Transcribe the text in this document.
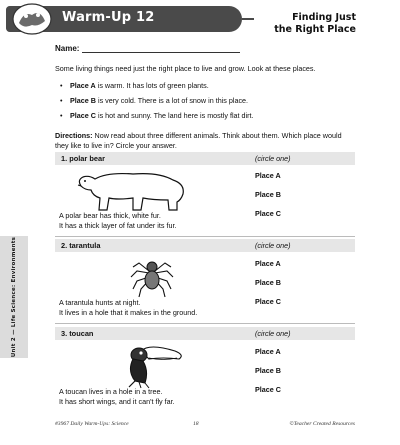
Warm-Up 12	Finding Just
the Right Place
Name:
Some living things need just the right place to live and grow. Look at these places.
• Place A is warm. It has lots of green plants.
• Place B is very cold. There is a lot of snow in this place.
• Place C is hot and sunny. The land here is mostly flat dirt.
Directions: Now read about three different animals. Think about them. Which place would they like to live in? Circle your answer.
Unit 2 — Life Science: Environments
1. polar bear	(circle one)
Place A
Place B
Place C
A polar bear has thick, white fur.
It has a thick layer of fat under its fur.
2. tarantula	(circle one)
Place A
Place B
Place C
A tarantula hunts at night.
It lives in a hole that it makes in the ground.
3. toucan	(circle one)
Place A
Place B
Place C
A toucan lives in a hole in a tree.
It has short wings, and it can't fly far.
#3967 Daily Warm-Ups: Science	18	©Teacher Created Resources
